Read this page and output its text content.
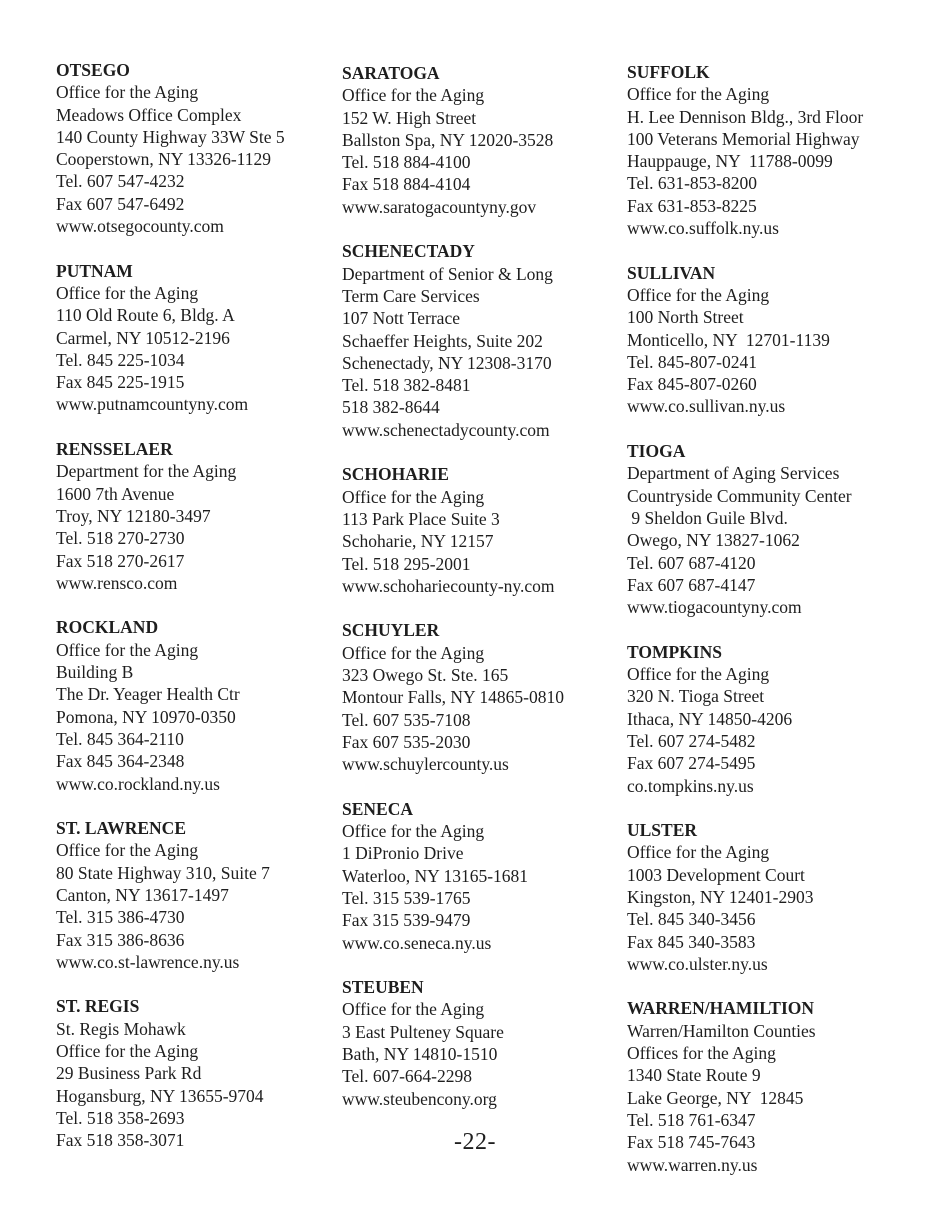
OTSEGO
Office for the Aging
Meadows Office Complex
140 County Highway 33W Ste 5
Cooperstown, NY 13326-1129
Tel. 607 547-4232
Fax 607 547-6492
www.otsegocounty.com
PUTNAM
Office for the Aging
110 Old Route 6, Bldg. A
Carmel, NY 10512-2196
Tel. 845 225-1034
Fax 845 225-1915
www.putnamcountyny.com
RENSSELAER
Department for the Aging
1600 7th Avenue
Troy, NY 12180-3497
Tel. 518 270-2730
Fax 518 270-2617
www.rensco.com
ROCKLAND
Office for the Aging
Building B
The Dr. Yeager Health Ctr
Pomona, NY 10970-0350
Tel. 845 364-2110
Fax 845 364-2348
www.co.rockland.ny.us
ST. LAWRENCE
Office for the Aging
80 State Highway 310, Suite 7
Canton, NY 13617-1497
Tel. 315 386-4730
Fax 315 386-8636
www.co.st-lawrence.ny.us
ST. REGIS
St. Regis Mohawk
Office for the Aging
29 Business Park Rd
Hogansburg, NY 13655-9704
Tel. 518 358-2693
Fax 518 358-3071
SARATOGA
Office for the Aging
152 W. High Street
Ballston Spa, NY 12020-3528
Tel. 518 884-4100
Fax 518 884-4104
www.saratogacountyny.gov
SCHENECTADY
Department of Senior & Long
Term Care Services
107 Nott Terrace
Schaeffer Heights, Suite 202
Schenectady, NY 12308-3170
Tel. 518 382-8481
518 382-8644
www.schenectadycounty.com
SCHOHARIE
Office for the Aging
113 Park Place Suite 3
Schoharie, NY 12157
Tel. 518 295-2001
www.schohariecounty-ny.com
SCHUYLER
Office for the Aging
323 Owego St. Ste. 165
Montour Falls, NY 14865-0810
Tel. 607 535-7108
Fax 607 535-2030
www.schuylercounty.us
SENECA
Office for the Aging
1 DiPronio Drive
Waterloo, NY 13165-1681
Tel. 315 539-1765
Fax 315 539-9479
www.co.seneca.ny.us
STEUBEN
Office for the Aging
3 East Pulteney Square
Bath, NY 14810-1510
Tel. 607-664-2298
www.steubencony.org
SUFFOLK
Office for the Aging
H. Lee Dennison Bldg., 3rd Floor
100 Veterans Memorial Highway
Hauppauge, NY  11788-0099
Tel. 631-853-8200
Fax 631-853-8225
www.co.suffolk.ny.us
SULLIVAN
Office for the Aging
100 North Street
Monticello, NY  12701-1139
Tel. 845-807-0241
Fax 845-807-0260
www.co.sullivan.ny.us
TIOGA
Department of Aging Services
Countryside Community Center
9 Sheldon Guile Blvd.
Owego, NY 13827-1062
Tel. 607 687-4120
Fax 607 687-4147
www.tiogacountyny.com
TOMPKINS
Office for the Aging
320 N. Tioga Street
Ithaca, NY 14850-4206
Tel. 607 274-5482
Fax 607 274-5495
co.tompkins.ny.us
ULSTER
Office for the Aging
1003 Development Court
Kingston, NY 12401-2903
Tel. 845 340-3456
Fax 845 340-3583
www.co.ulster.ny.us
WARREN/HAMILTION
Warren/Hamilton Counties
Offices for the Aging
1340 State Route 9
Lake George, NY  12845
Tel. 518 761-6347
Fax 518 745-7643
www.warren.ny.us
-22-
